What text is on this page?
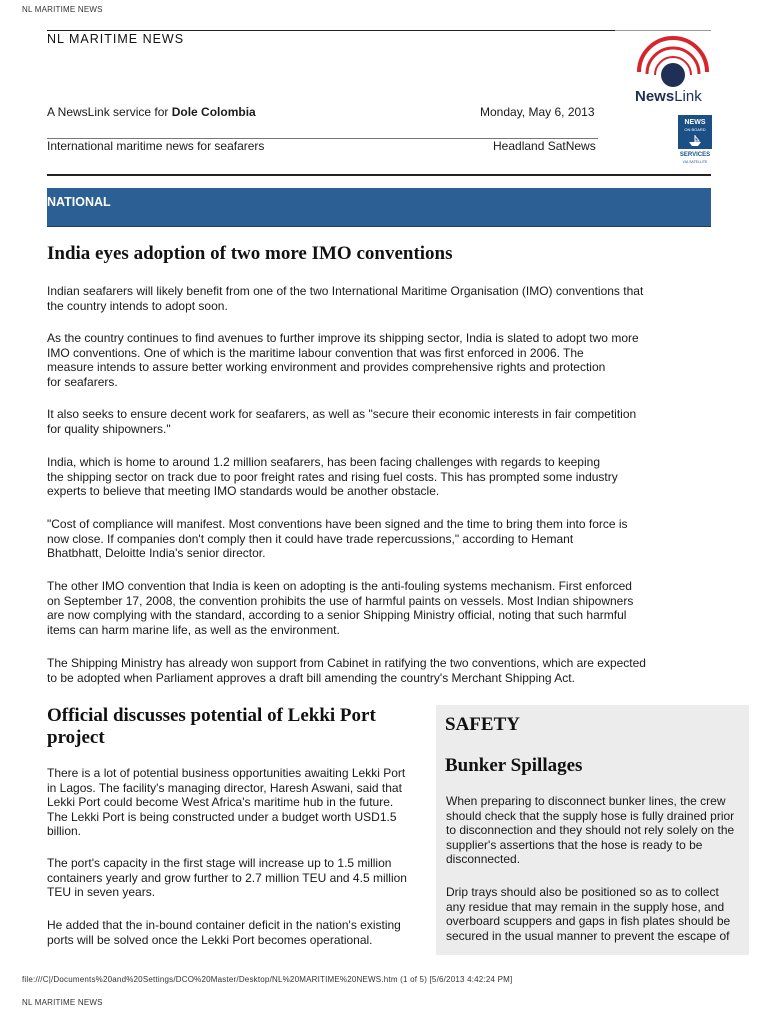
NL MARITIME NEWS
NL MARITIME NEWS
A NewsLink service for Dole Colombia	Monday, May 6, 2013
International maritime news for seafarers	Headland SatNews
NewsLink
NEWS
ON BOARD
SERVICES
VIA SATELLITE
NATIONAL
India eyes adoption of two more IMO conventions
Indian seafarers will likely benefit from one of the two International Maritime Organisation (IMO) conventions that
the country intends to adopt soon.
As the country continues to find avenues to further improve its shipping sector, India is slated to adopt two more
IMO conventions. One of which is the maritime labour convention that was first enforced in 2006. The
measure intends to assure better working environment and provides comprehensive rights and protection
for seafarers.
It also seeks to ensure decent work for seafarers, as well as "secure their economic interests in fair competition
for quality shipowners."
India, which is home to around 1.2 million seafarers, has been facing challenges with regards to keeping
the shipping sector on track due to poor freight rates and rising fuel costs. This has prompted some industry
experts to believe that meeting IMO standards would be another obstacle.
"Cost of compliance will manifest. Most conventions have been signed and the time to bring them into force is
now close. If companies don't comply then it could have trade repercussions," according to Hemant
Bhatbhatt, Deloitte India's senior director.
The other IMO convention that India is keen on adopting is the anti-fouling systems mechanism. First enforced
on September 17, 2008, the convention prohibits the use of harmful paints on vessels. Most Indian shipowners
are now complying with the standard, according to a senior Shipping Ministry official, noting that such harmful
items can harm marine life, as well as the environment.
The Shipping Ministry has already won support from Cabinet in ratifying the two conventions, which are expected
to be adopted when Parliament approves a draft bill amending the country's Merchant Shipping Act.
Official discusses potential of Lekki Port
project
There is a lot of potential business opportunities awaiting Lekki Port
in Lagos. The facility's managing director, Haresh Aswani, said that
Lekki Port could become West Africa's maritime hub in the future.
The Lekki Port is being constructed under a budget worth USD1.5
billion.
The port's capacity in the first stage will increase up to 1.5 million
containers yearly and grow further to 2.7 million TEU and 4.5 million
TEU in seven years.
He added that the in-bound container deficit in the nation's existing
ports will be solved once the Lekki Port becomes operational.
SAFETY
Bunker Spillages
When preparing to disconnect bunker lines, the crew
should check that the supply hose is fully drained prior
to disconnection and they should not rely solely on the
supplier's assertions that the hose is ready to be
disconnected.
Drip trays should also be positioned so as to collect
any residue that may remain in the supply hose, and
overboard scuppers and gaps in fish plates should be
secured in the usual manner to prevent the escape of
file:///C|/Documents%20and%20Settings/DCO%20Master/Desktop/NL%20MARITIME%20NEWS.htm (1 of 5) [5/6/2013 4:42:24 PM]
NL MARITIME NEWS
